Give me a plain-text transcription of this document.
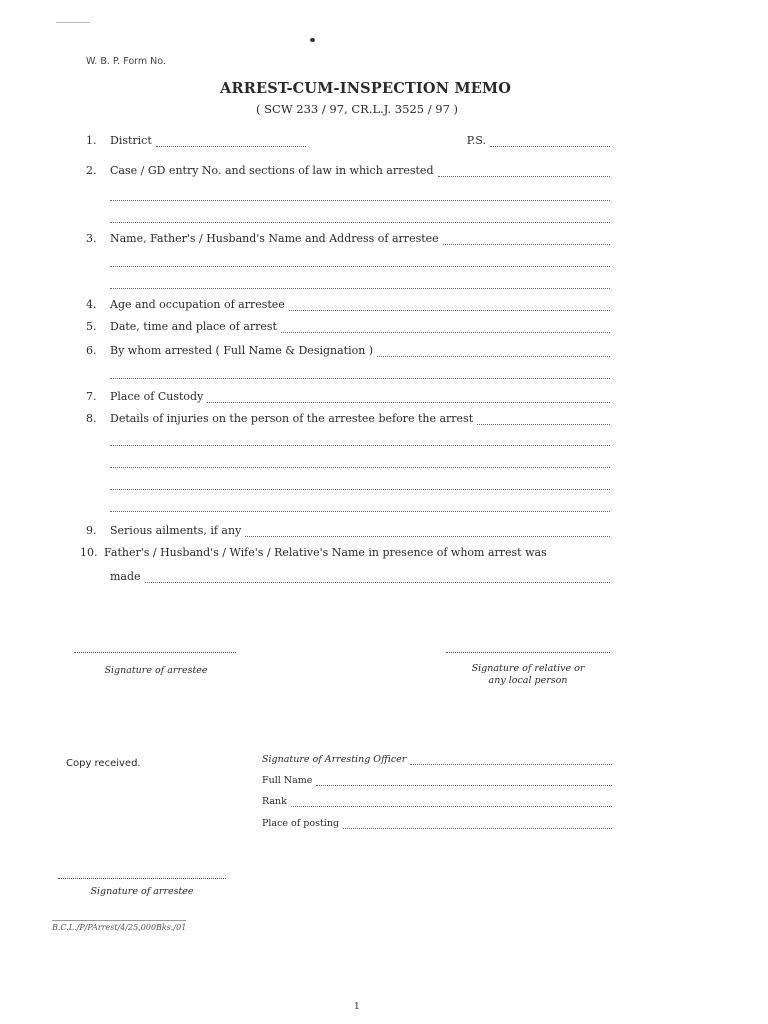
W. B. P. Form No.
ARREST-CUM-INSPECTION MEMO
( SCW 233 / 97, CR.L.J. 3525 / 97 )
1.	District	P.S.
2.	Case / GD entry No. and sections of law in which arrested
3.	Name, Father's / Husband's Name and Address of arrestee
4.	Age and occupation of arrestee
5.	Date, time and place of arrest
6.	By whom arrested ( Full Name & Designation )
7.	Place of Custody
8.	Details of injuries on the person of the arrestee before the arrest
9.	Serious ailments, if any
10. Father's / Husband's / Wife's / Relative's Name in presence of whom arrest was
made
Signature of arrestee	Signature of relative or any local person
Copy received.	Signature of Arresting Officer
Full Name
Rank
Place of posting
Signature of arrestee
B.C.L./P/PArrest/4/25,000Bks./01
1
